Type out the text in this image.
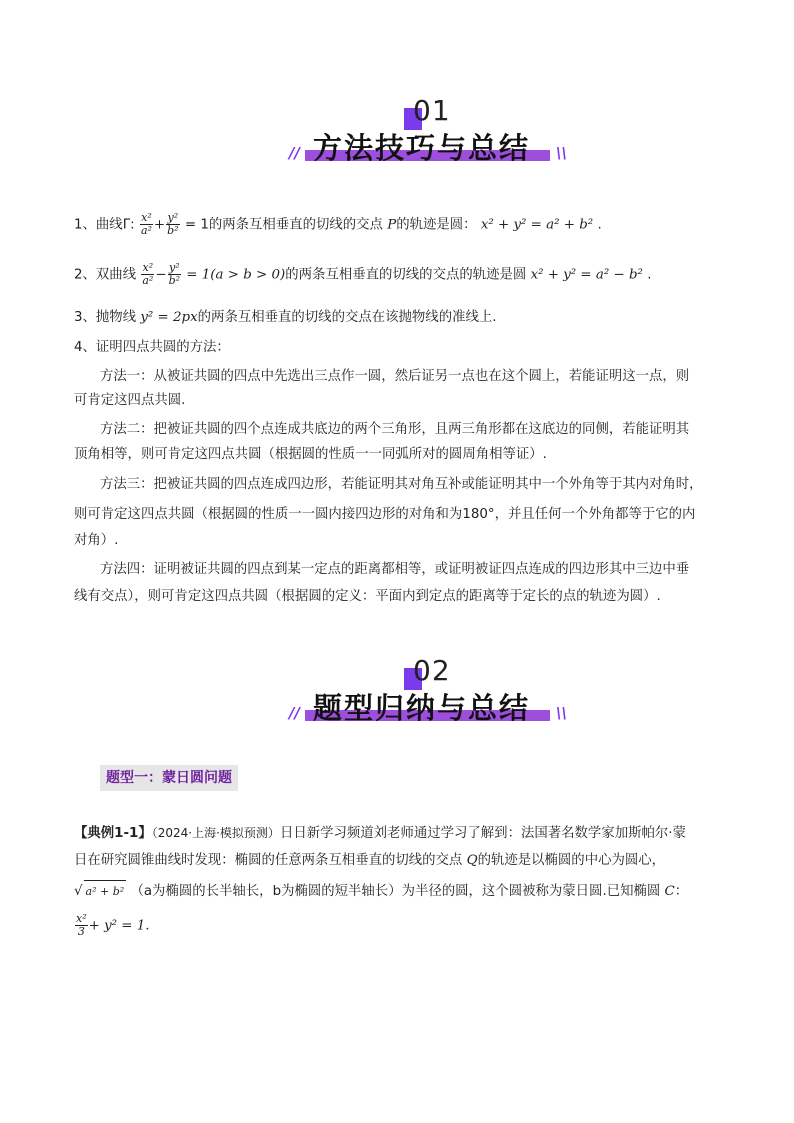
01
// 方法技巧与总结 \\
1、曲线Γ: $\frac{\text{x²}}{\text{a²}} + \frac{\text{y²}}{\text{b²}} = 1$的两条互相垂直的切线的交点 P的轨迹是圆： x² + y² = a² + b² .
2、双曲线 $\frac{\text{x²}}{\text{a²}} - \frac{\text{y²}}{\text{b²}} = 1(a > b > 0)$的两条互相垂直的切线的交点的轨迹是圆 x² + y² = a² − b² .
3、抛物线 y² = 2px的两条互相垂直的切线的交点在该抛物线的准线上.
4、证明四点共圆的方法：
方法一：从被证共圆的四点中先选出三点作一圆，然后证另一点也在这个圆上，若能证明这一点，则
可肯定这四点共圆.
方法二：把被证共圆的四个点连成共底边的两个三角形，且两三角形都在这底边的同侧，若能证明其
顶角相等，则可肯定这四点共圆（根据圆的性质一一同弧所对的圆周角相等证）.
方法三：把被证共圆的四点连成四边形，若能证明其对角互补或能证明其中一个外角等于其内对角时，
则可肯定这四点共圆（根据圆的性质一一圆内接四边形的对角和为180°，并且任何一个外角都等于它的内
对角）.
方法四：证明被证共圆的四点到某一定点的距离都相等，或证明被证四点连成的四边形其中三边中垂
线有交点），则可肯定这四点共圆（根据圆的定义：平面内到定点的距离等于定长的点的轨迹为圆）.
02
// 题型归纳与总结 \\
题型一：蒙日圆问题
【典例1-1】（2024·上海·模拟预测）日日新学习频道刘老师通过学习了解到：法国著名数学家加斯帕尔·蒙
日在研究圆锥曲线时发现：椭圆的任意两条互相垂直的切线的交点 Q的轨迹是以椭圆的中心为圆心，
√ a² + b² （a为椭圆的长半轴长，b为椭圆的短半轴长）为半径的圆，这个圆被称为蒙日圆.已知椭圆 C：
$\frac{\text{x²}}{3} + y^2 = 1$.
